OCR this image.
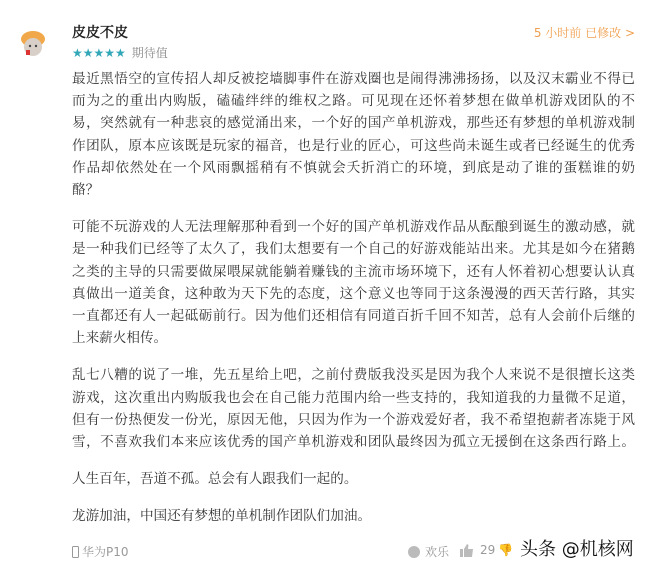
皮皮不皮	5 小时前 已修改 >
★★★★★ 期待值
最近黑悟空的宣传招人却反被挖墙脚事件在游戏圈也是闹得沸沸扬扬，以及汉末霸业不得已
而为之的重出内购版，磕磕绊绊的维权之路。可见现在还怀着梦想在做单机游戏团队的不
易，突然就有一种悲哀的感觉涌出来，一个好的国产单机游戏，那些还有梦想的单机游戏制
作团队，原本应该既是玩家的福音，也是行业的匠心，可这些尚未诞生或者已经诞生的优秀
作品却依然处在一个风雨飘摇稍有不慎就会夭折消亡的环境，到底是动了谁的蛋糕谁的奶
酪？
可能不玩游戏的人无法理解那种看到一个好的国产单机游戏作品从酝酿到诞生的激动感，就
是一种我们已经等了太久了，我们太想要有一个自己的好游戏能站出来。尤其是如今在猪鹅
之类的主导的只需要做屎喂屎就能躺着赚钱的主流市场环境下，还有人怀着初心想要认认真
真做出一道美食，这种敢为天下先的态度，这个意义也等同于这条漫漫的西天苦行路，其实
一直都还有人一起砥砺前行。因为他们还相信有同道百折千回不知苦，总有人会前仆后继的
上来薪火相传。
乱七八糟的说了一堆，先五星给上吧，之前付费版我没买是因为我个人来说不是很擅长这类
游戏，这次重出内购版我也会在自己能力范围内给一些支持的，我知道我的力量微不足道，
但有一份热便发一份光，原因无他，只因为作为一个游戏爱好者，我不希望抱薪者冻毙于风
雪，不喜欢我们本来应该优秀的国产单机游戏和团队最终因为孤立无援倒在这条西行路上。
人生百年，吾道不孤。总会有人跟我们一起的。
龙游加油，中国还有梦想的单机制作团队们加油。
华为P10	欢乐	29 👎 头条 @机核网
